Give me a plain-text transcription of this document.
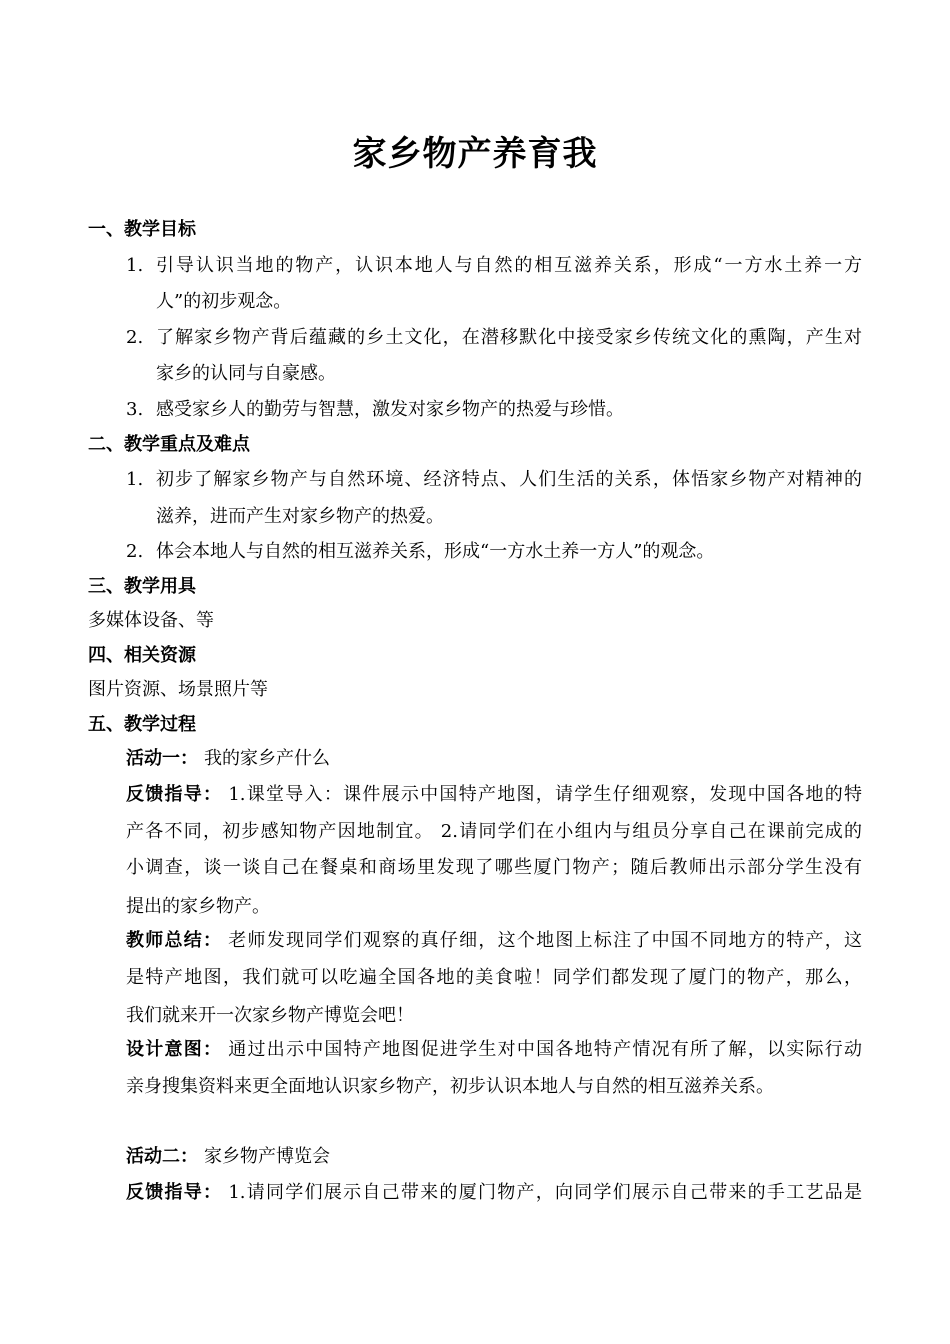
家乡物产养育我
一、教学目标
1. 引导认识当地的物产，认识本地人与自然的相互滋养关系，形成“一方水土养一方
人”的初步观念。
2. 了解家乡物产背后蕴藏的乡土文化，在潜移默化中接受家乡传统文化的熏陶，产生对
家乡的认同与自豪感。
3. 感受家乡人的勤劳与智慧，激发对家乡物产的热爱与珍惜。
二、教学重点及难点
1. 初步了解家乡物产与自然环境、经济特点、人们生活的关系，体悟家乡物产对精神的
滋养，进而产生对家乡物产的热爱。
2. 体会本地人与自然的相互滋养关系，形成“一方水土养一方人”的观念。
三、教学用具
多媒体设备、等
四、相关资源
图片资源、场景照片等
五、教学过程
活动一： 我的家乡产什么
反馈指导： 1.课堂导入：课件展示中国特产地图，请学生仔细观察，发现中国各地的特
产各不同，初步感知物产因地制宜。 2.请同学们在小组内与组员分享自己在课前完成的
小调查，谈一谈自己在餐桌和商场里发现了哪些厦门物产；随后教师出示部分学生没有
提出的家乡物产。
教师总结： 老师发现同学们观察的真仔细，这个地图上标注了中国不同地方的特产，这
是特产地图，我们就可以吃遍全国各地的美食啦！同学们都发现了厦门的物产，那么，
我们就来开一次家乡物产博览会吧！
设计意图： 通过出示中国特产地图促进学生对中国各地特产情况有所了解，以实际行动
亲身搜集资料来更全面地认识家乡物产，初步认识本地人与自然的相互滋养关系。
活动二： 家乡物产博览会
反馈指导： 1.请同学们展示自己带来的厦门物产，向同学们展示自己带来的手工艺品是
